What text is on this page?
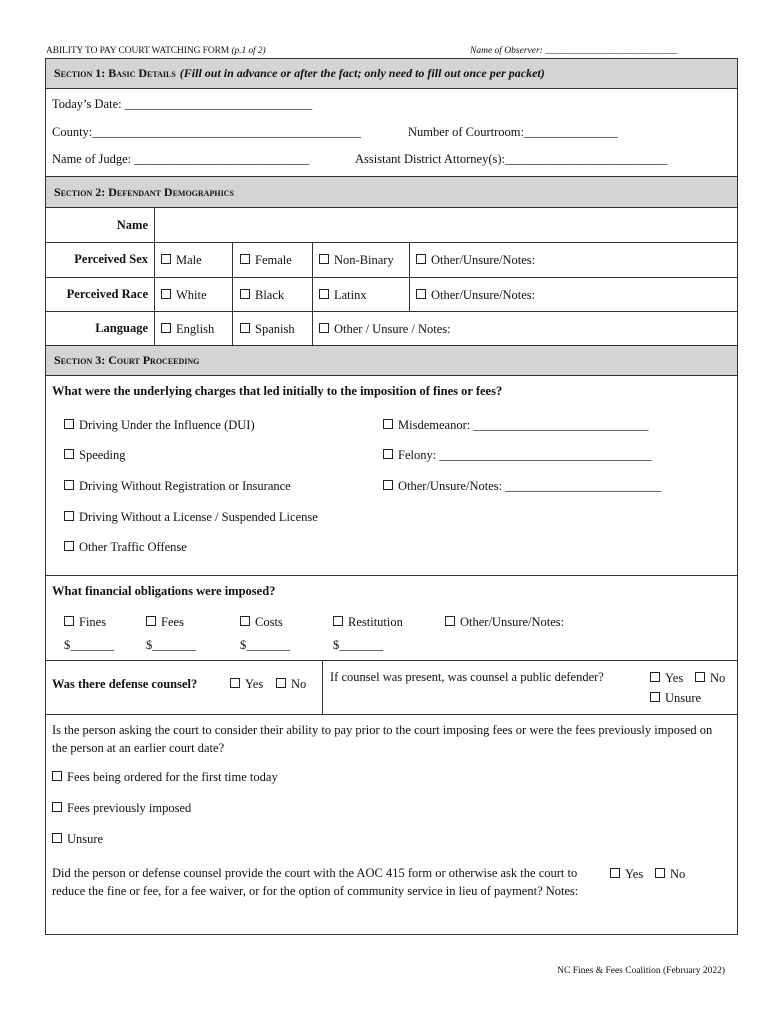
ABILITY TO PAY COURT WATCHING FORM (p.1 of 2)	Name of Observer: _______________________________
Section 1: Basic Details (Fill out in advance or after the fact; only need to fill out once per packet)
Today’s Date: ______________________________
County:___________________________________________	Number of Courtroom:_______________
Name of Judge: ____________________________	Assistant District Attorney(s):__________________________
Section 2: Defendant Demographics
Name
Perceived Sex	Male	Female	Non-Binary	Other/Unsure/Notes:
Perceived Race	White	Black	Latinx	Other/Unsure/Notes:
Language	English	Spanish	Other / Unsure / Notes:
Section 3: Court Proceeding
What were the underlying charges that led initially to the imposition of fines or fees?
Driving Under the Influence (DUI)
Speeding
Driving Without Registration or Insurance
Driving Without a License / Suspended License
Other Traffic Offense
Misdemeanor: ____________________________
Felony: __________________________________
Other/Unsure/Notes: _________________________
What financial obligations were imposed?
Fines	Fees	Costs	Restitution	Other/Unsure/Notes:
$_______	$_______	$_______	$_______
Was there defense counsel?	Yes	No If counsel was present, was counsel a public defender?	Yes	No
Unsure
Is the person asking the court to consider their ability to pay prior to the court imposing fees or were the fees previously imposed on the person at an earlier court date?
Fees being ordered for the first time today
Fees previously imposed
Unsure
Did the person or defense counsel provide the court with the AOC 415 form or otherwise ask the court to reduce the fine or fee, for a fee waiver, or for the option of community service in lieu of payment? Notes:
Yes	No
NC Fines & Fees Coalition (February 2022)
